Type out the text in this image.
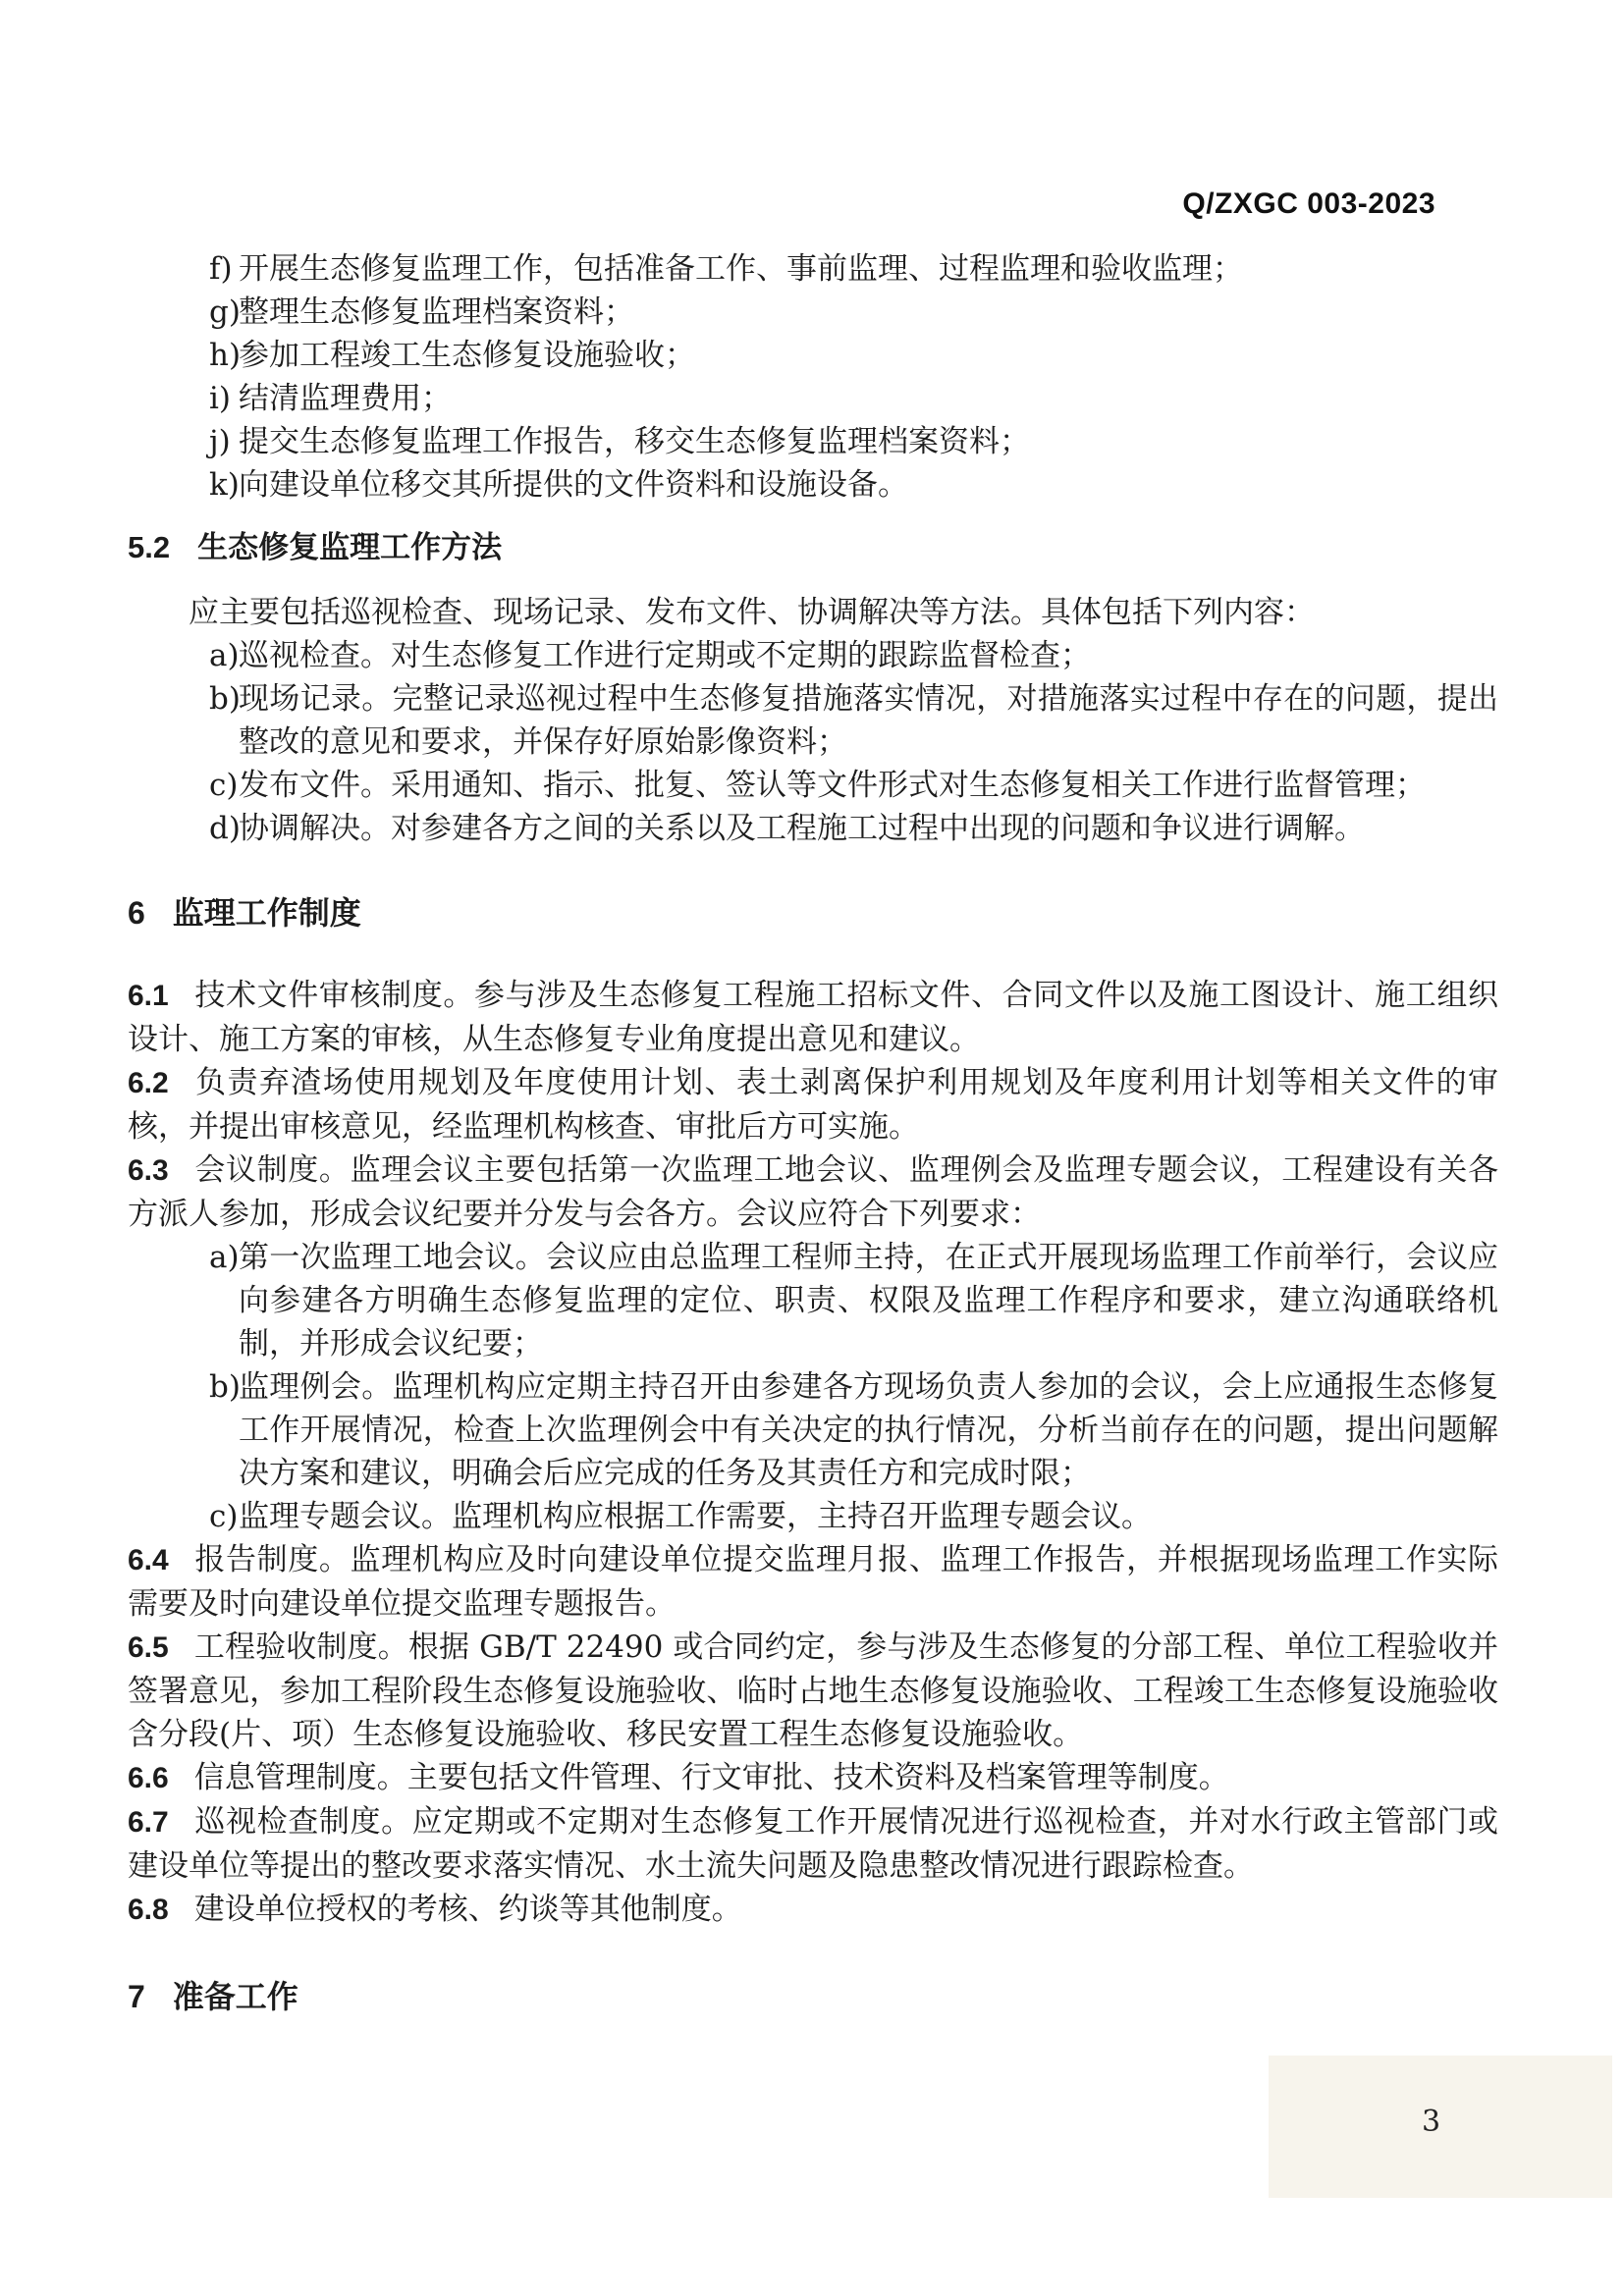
Q/ZXGC 003-2023
f) 开展生态修复监理工作，包括准备工作、事前监理、过程监理和验收监理；
g)
整理生态修复监理档案资料；
h)
参加工程竣工生态修复设施验收；
i) 结清监理费用；
j) 提交生态修复监理工作报告，移交生态修复监理档案资料；
k) 向建设单位移交其所提供的文件资料和设施设备。
5.2 生态修复监理工作方法

应主要包括巡视检查、现场记录、发布文件、协调解决等方法。具体包括下列内容：

a) 巡视检查。对生态修复工作进行定期或不定期的跟踪监督检查；
b)
现场记录。完整记录巡视过程中生态修复措施落实情况，对措施落实过程中存在的问题，提出整改的意见和要求，并保存好原始影像资料；
c) 发布文件。采用通知、指示、批复、签认等文件形式对生态修复相关工作进行监督管理；
d)
协调解决。对参建各方之间的关系以及工程施工过程中出现的问题和争议进行调解。
6 监理工作制度

6.1 技术文件审核制度。参与涉及生态修复工程施工招标文件、合同文件以及施工图设计、施工组织设计、施工方案的审核，从生态修复专业角度提出意见和建议。

6.2 负责弃渣场使用规划及年度使用计划、表土剥离保护利用规划及年度利用计划等相关文件的审核，并提出审核意见，经监理机构核查、审批后方可实施。

6.3 会议制度。监理会议主要包括第一次监理工地会议、监理例会及监理专题会议，工程建设有关各方派人参加，形成会议纪要并分发与会各方。会议应符合下列要求：

a) 第一次监理工地会议。会议应由总监理工程师主持，在正式开展现场监理工作前举行，会议应向参建各方明确生态修复监理的定位、职责、权限及监理工作程序和要求，建立沟通联络机制，并形成会议纪要；
b)
监理例会。监理机构应定期主持召开由参建各方现场负责人参加的会议，会上应通报生态修复工作开展情况，检查上次监理例会中有关决定的执行情况，分析当前存在的问题，提出问题解决方案和建议，明确会后应完成的任务及其责任方和完成时限；
c) 监理专题会议。监理机构应根据工作需要，主持召开监理专题会议。

6.4 报告制度。监理机构应及时向建设单位提交监理月报、监理工作报告，并根据现场监理工作实际需要及时向建设单位提交监理专题报告。

6.5 工程验收制度。根据 GB/T 22490 或合同约定，参与涉及生态修复的分部工程、单位工程验收并签署意见，参加工程阶段生态修复设施验收、临时占地生态修复设施验收、工程竣工生态修复设施验收含分段(片、项）生态修复设施验收、移民安置工程生态修复设施验收。

6.6 信息管理制度。主要包括文件管理、行文审批、技术资料及档案管理等制度。

6.7 巡视检查制度。应定期或不定期对生态修复工作开展情况进行巡视检查，并对水行政主管部门或建设单位等提出的整改要求落实情况、水土流失问题及隐患整改情况进行跟踪检查。

6.8 建设单位授权的考核、约谈等其他制度。

7 准备工作
3
